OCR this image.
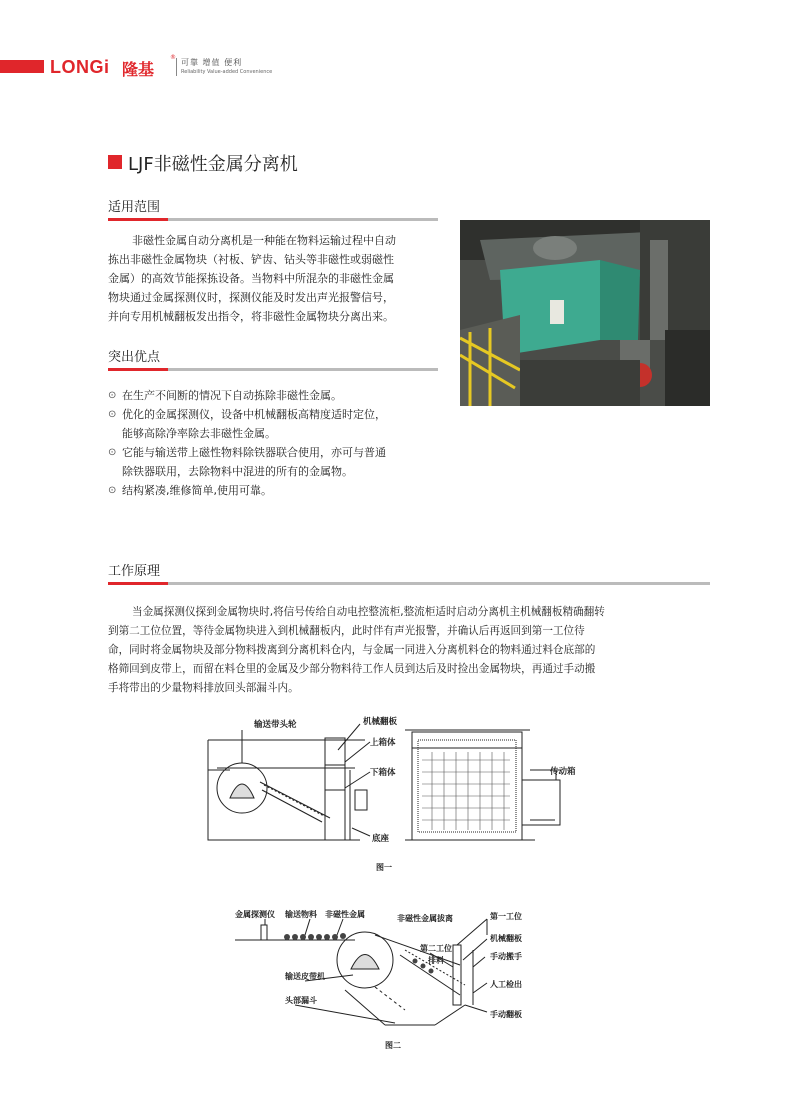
LONGi 隆基
®
可靠 增值 便利
Reliability Value-added Convenience
LJF非磁性金属分离机
适用范围
非磁性金属自动分离机是一种能在物料运输过程中自动
拣出非磁性金属物块（衬板、铲齿、钻头等非磁性或弱磁性
金属）的高效节能探拣设备。当物料中所混杂的非磁性金属
物块通过金属探测仪时，探测仪能及时发出声光报警信号，
并向专用机械翻板发出指令，将非磁性金属物块分离出来。
突出优点
⊙ 在生产不间断的情况下自动拣除非磁性金属。
⊙ 优化的金属探测仪，设备中机械翻板高精度适时定位，
能够高除净率除去非磁性金属。
⊙ 它能与输送带上磁性物料除铁器联合使用，亦可与普通
除铁器联用，去除物料中混进的所有的金属物。
⊙ 结构紧凑,维修简单,使用可靠。
工作原理
当金属探测仪探到金属物块时,将信号传给自动电控整流柜,整流柜适时启动分离机主机械翻板精确翻转
到第二工位位置，等待金属物块进入到机械翻板内，此时伴有声光报警，并确认后再返回到第一工位待
命，同时将金属物块及部分物料拨离到分离机料仓内，与金属一同进入分离机料仓的物料通过料仓底部的
格筛回到皮带上，而留在料仓里的金属及少部分物料待工作人员到达后及时捡出金属物块，再通过手动搬
手将带出的少量物料排放回头部漏斗内。
输送带头轮	机械翻板
上箱体
下箱体
底座
传动箱
图一
金属探测仪 输送物料 非磁性金属	非磁性金属拔离	第一工位
机械翻板
第二工位
排料	手动搬手
输送皮带机
人工检出
头部漏斗
手动翻板
图二
